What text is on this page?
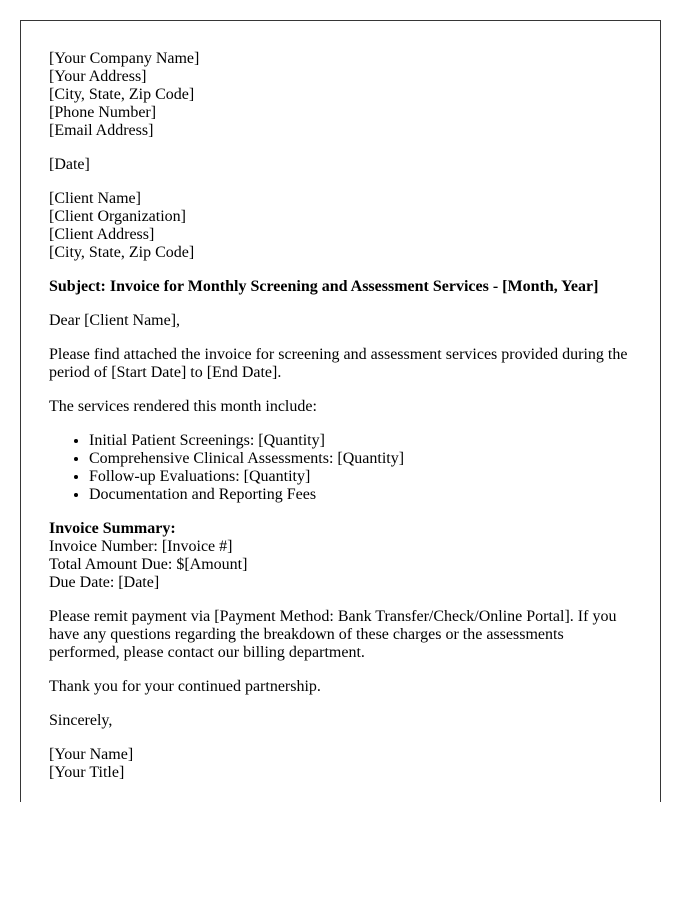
[Your Company Name]
[Your Address]
[City, State, Zip Code]
[Phone Number]
[Email Address]
[Date]
[Client Name]
[Client Organization]
[Client Address]
[City, State, Zip Code]
Subject: Invoice for Monthly Screening and Assessment Services - [Month, Year]
Dear [Client Name],
Please find attached the invoice for screening and assessment services provided during the period of [Start Date] to [End Date].
The services rendered this month include:
• Initial Patient Screenings: [Quantity]
• Comprehensive Clinical Assessments: [Quantity]
• Follow-up Evaluations: [Quantity]
• Documentation and Reporting Fees
Invoice Summary:
Invoice Number: [Invoice #]
Total Amount Due: $[Amount]
Due Date: [Date]
Please remit payment via [Payment Method: Bank Transfer/Check/Online Portal]. If you have any questions regarding the breakdown of these charges or the assessments performed, please contact our billing department.
Thank you for your continued partnership.
Sincerely,
[Your Name]
[Your Title]
